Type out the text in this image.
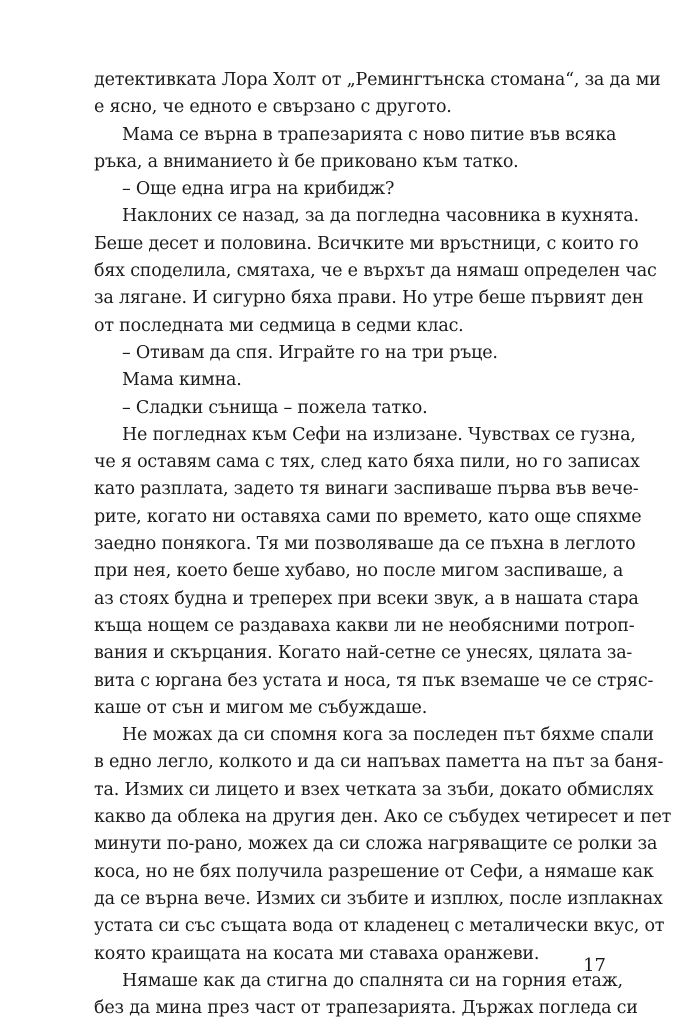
детективката Лора Холт от „Ремингтънска стомана“, за да ми
е ясно, че едното е свързано с другото.
Мама се върна в трапезарията с ново питие във всяка
ръка, а вниманието ѝ бе приковано към татко.
– Още една игра на крибидж?
Наклоних се назад, за да погледна часовника в кухнята.
Беше десет и половина. Всичките ми връстници, с които го
бях споделила, смятаха, че е върхът да нямаш определен час
за лягане. И сигурно бяха прави. Но утре беше първият ден
от последната ми седмица в седми клас.
– Отивам да спя. Играйте го на три ръце.
Мама кимна.
– Сладки сънища – пожела татко.
Не погледнах към Сефи на излизане. Чувствах се гузна,
че я оставям сама с тях, след като бяха пили, но го записах
като разплата, задето тя винаги заспиваше първа във вече-
рите, когато ни оставяха сами по времето, като още спяхме
заедно понякога. Тя ми позволяваше да се пъхна в леглото
при нея, което беше хубаво, но после мигом заспиваше, а
аз стоях будна и треперех при всеки звук, а в нашата стара
къща нощем се раздаваха какви ли не необясними потроп-
вания и скърцания. Когато най-сетне се унесях, цялата за-
вита с юргана без устата и носа, тя пък вземаше че се стряс-
каше от сън и мигом ме събуждаше.
Не можах да си спомня кога за последен път бяхме спали
в едно легло, колкото и да си напъвах паметта на път за баня-
та. Измих си лицето и взех четката за зъби, докато обмислях
какво да облека на другия ден. Ако се събудех четиресет и пет
минути по-рано, можех да си сложа нагряващите се ролки за
коса, но не бях получила разрешение от Сефи, а нямаше как
да се върна вече. Измих си зъбите и изплюх, после изплакнах
устата си със същата вода от кладенец с металически вкус, от
която краищата на косата ми ставаха оранжеви.
Нямаше как да стигна до спалнята си на горния етаж,
без да мина през част от трапезарията. Държах погледа си
17
